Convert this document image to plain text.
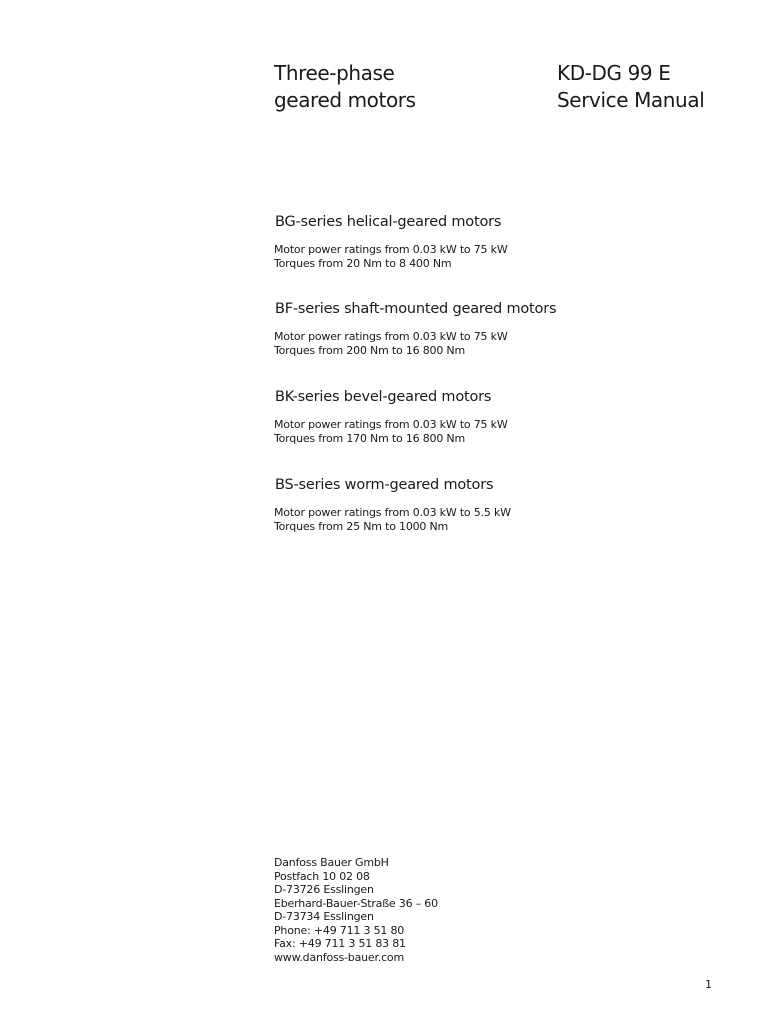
Three-phase
geared motors
KD-DG 99 E
Service Manual
BG-series helical-geared motors
Motor power ratings from 0.03 kW to 75 kW
Torques from 20 Nm to 8 400 Nm
BF-series shaft-mounted geared motors
Motor power ratings from 0.03 kW to 75 kW
Torques from 200 Nm to 16 800 Nm
BK-series bevel-geared motors
Motor power ratings from 0.03 kW to 75 kW
Torques from 170 Nm to 16 800 Nm
BS-series worm-geared motors
Motor power ratings from 0.03 kW to 5.5 kW
Torques from 25 Nm to 1000 Nm
Danfoss Bauer GmbH
Postfach 10 02 08
D-73726 Esslingen
Eberhard-Bauer-Straße 36 – 60
D-73734 Esslingen
Phone: +49 711 3 51 80
Fax: +49 711 3 51 83 81
www.danfoss-bauer.com
1
